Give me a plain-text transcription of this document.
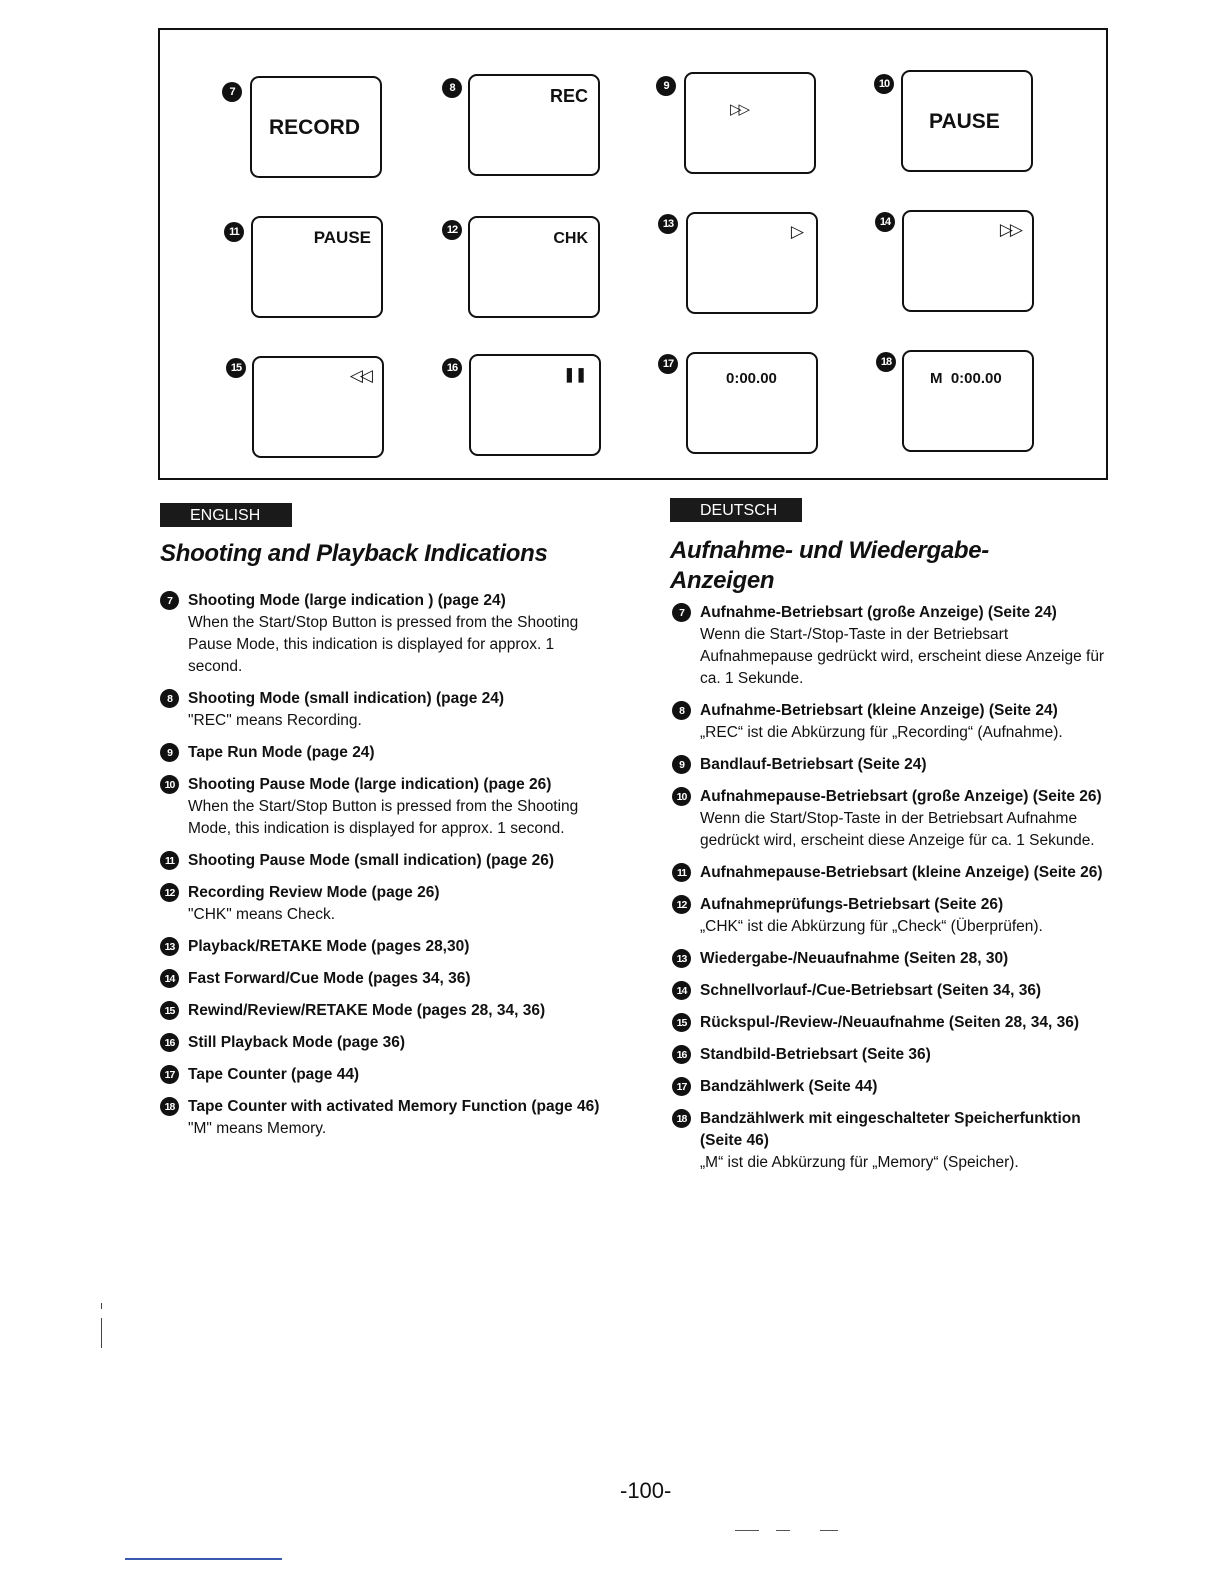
7
RECORD
8	REC	9
▷▷
10
PAUSE
11	PAUSE	12	CHK
13	▷	14	▷▷
15	◁◁	16	❚❚
17
0:00.00
18
M  0:00.00
ENGLISH
Shooting and Playback Indications
7	Shooting Mode (large indication ) (page 24)
When the Start/Stop Button is pressed from the Shooting Pause Mode, this indication is displayed for approx. 1 second.
8	Shooting Mode (small indication) (page 24)
"REC" means Recording.
9	Tape Run Mode (page 24)
10 Shooting Pause Mode (large indication) (page 26)
When the Start/Stop Button is pressed from the Shooting Mode, this indication is displayed for approx. 1 second.
11 Shooting Pause Mode (small indication) (page 26)
12 Recording Review Mode (page 26)
"CHK" means Check.
13 Playback/RETAKE Mode (pages 28,30)
14 Fast Forward/Cue Mode (pages 34, 36)
15 Rewind/Review/RETAKE Mode (pages 28, 34, 36)
16 Still Playback Mode (page 36)
17 Tape Counter (page 44)
18 Tape Counter with activated Memory Function (page 46)
"M" means Memory.
DEUTSCH
Aufnahme- und Wiedergabe-Anzeigen
7	Aufnahme-Betriebsart (große Anzeige) (Seite 24)
Wenn die Start-/Stop-Taste in der Betriebsart Aufnahmepause gedrückt wird, erscheint diese Anzeige für ca. 1 Sekunde.
8	Aufnahme-Betriebsart (kleine Anzeige) (Seite 24)
„REC“ ist die Abkürzung für „Recording“ (Aufnahme).
9	Bandlauf-Betriebsart (Seite 24)
10 Aufnahmepause-Betriebsart (große Anzeige) (Seite 26)
Wenn die Start/Stop-Taste in der Betriebsart Aufnahme gedrückt wird, erscheint diese Anzeige für ca. 1 Sekunde.
11 Aufnahmepause-Betriebsart (kleine Anzeige) (Seite 26)
12 Aufnahmeprüfungs-Betriebsart (Seite 26)
„CHK“ ist die Abkürzung für „Check“ (Überprüfen).
13 Wiedergabe-/Neuaufnahme (Seiten 28, 30)
14 Schnellvorlauf-/Cue-Betriebsart (Seiten 34, 36)
15 Rückspul-/Review-/Neuaufnahme (Seiten 28, 34, 36)
16 Standbild-Betriebsart (Seite 36)
17 Bandzählwerk (Seite 44)
18 Bandzählwerk mit eingeschalteter Speicherfunktion (Seite 46)
„M“ ist die Abkürzung für „Memory“ (Speicher).
-100-
